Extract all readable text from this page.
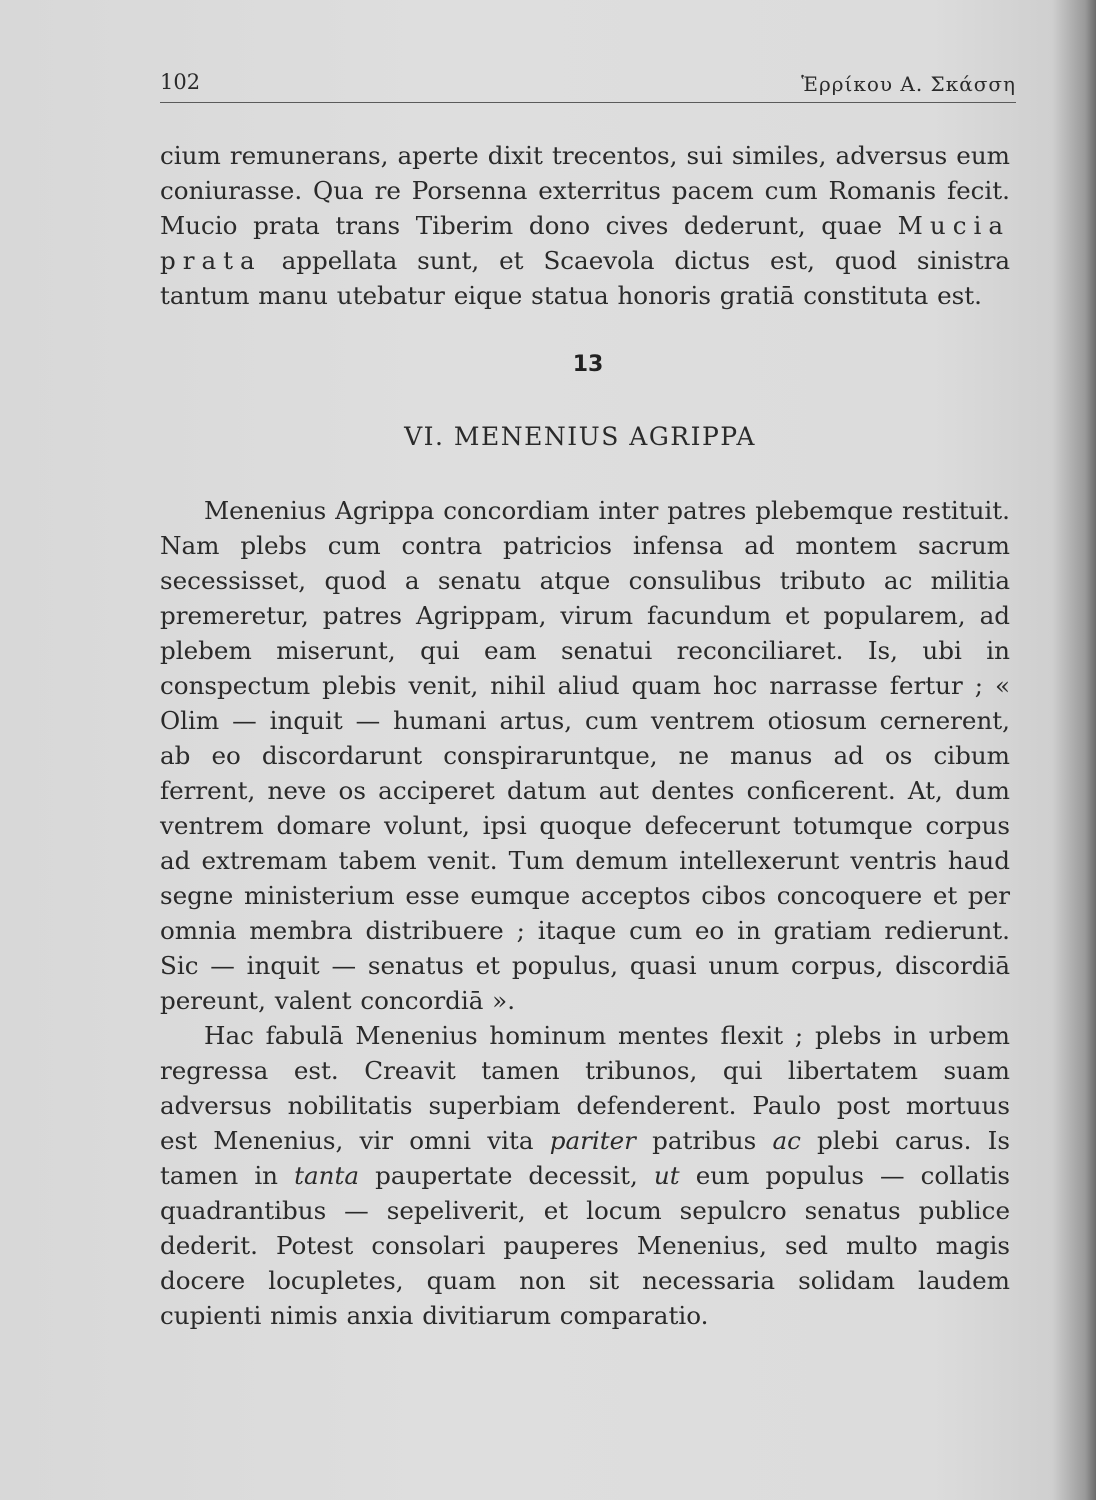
102	Ἑρρίκου Α. Σκάσση

cium remunerans, aperte dixit trecentos, sui similes, adversus eum coniurasse. Qua re Porsenna exterritus pacem cum Romanis fecit. Mucio prata trans Tiberim dono cives dederunt, quae Mucia prata appellata sunt, et Scaevola dictus est, quod sinistra tantum manu utebatur eique statua honoris gratiā constituta est.

13
VI. MENENIUS AGRIPPA

Menenius Agrippa concordiam inter patres plebemque restituit. Nam plebs cum contra patricios infensa ad montem sacrum secessisset, quod a senatu atque consulibus tributo ac militia premeretur, patres Agrippam, virum facundum et popularem, ad plebem miserunt, qui eam senatui reconciliaret. Is, ubi in conspectum plebis venit, nihil aliud quam hoc narrasse fertur ; « Olim — inquit — humani artus, cum ventrem otiosum cernerent, ab eo discordarunt conspiraruntque, ne manus ad os cibum ferrent, neve os acciperet datum aut dentes conficerent. At, dum ventrem domare volunt, ipsi quoque defecerunt totumque corpus ad extremam tabem venit. Tum demum intellexerunt ventris haud segne ministerium esse eumque acceptos cibos concoquere et per omnia membra distribuere ; itaque cum eo in gratiam redierunt. Sic — inquit — senatus et populus, quasi unum corpus, discordiā pereunt, valent concordiā ».

Hac fabulā Menenius hominum mentes flexit ; plebs in urbem regressa est. Creavit tamen tribunos, qui libertatem suam adversus nobilitatis superbiam defenderent. Paulo post mortuus est Menenius, vir omni vita pariter patribus ac plebi carus. Is tamen in tanta paupertate decessit, ut eum populus — collatis quadrantibus — sepeliverit, et locum sepulcro senatus publice dederit. Potest consolari pauperes Menenius, sed multo magis docere locupletes, quam non sit necessaria solidam laudem cupienti nimis anxia divitiarum comparatio.
